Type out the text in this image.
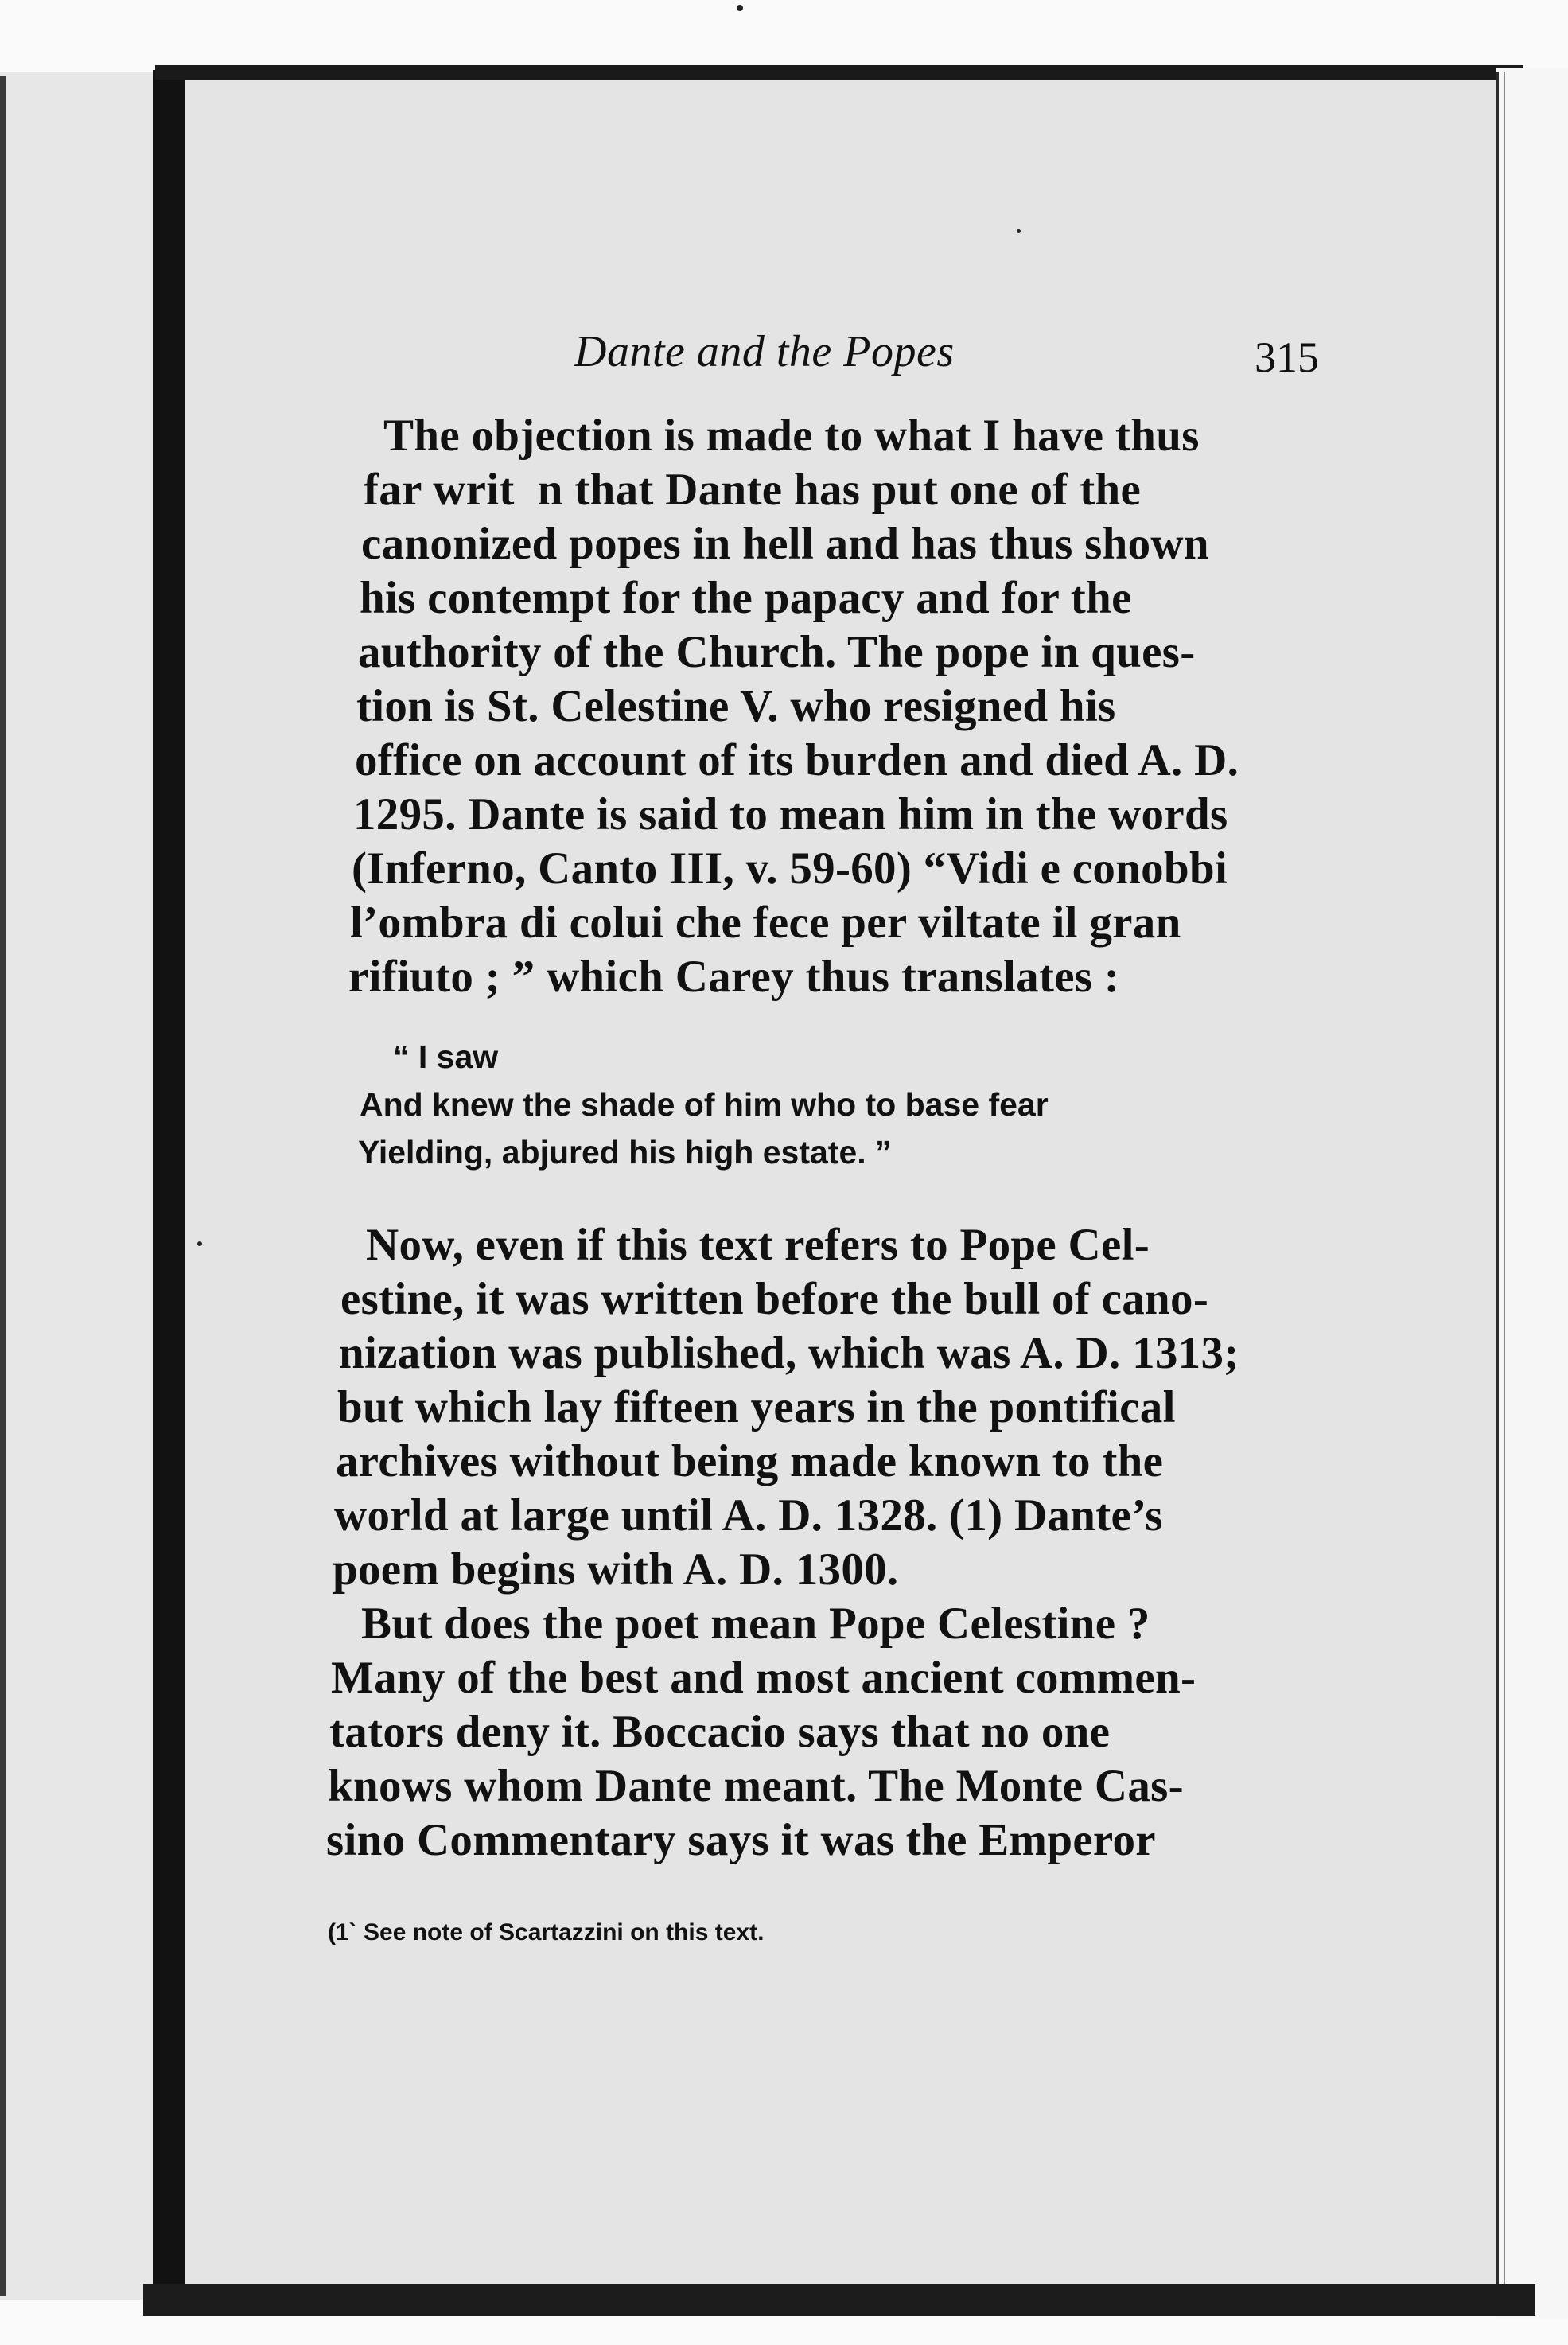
Dante and the Popes	315
The objection is made to what I have thus
far writ  n that Dante has put one of the
canonized popes in hell and has thus shown
his contempt for the papacy and for the
authority of the Church. The pope in ques-
tion is St. Celestine V. who resigned his
office on account of its burden and died A. D.
1295. Dante is said to mean him in the words
(Inferno, Canto III, v. 59-60) “Vidi e conobbi
l’ombra di colui che fece per viltate il gran
rifiuto ; ” which Carey thus translates :
“ I saw
And knew the shade of him who to base fear
Yielding, abjured his high estate. ”
Now, even if this text refers to Pope Cel-
estine, it was written before the bull of cano-
nization was published, which was A. D. 1313;
but which lay fifteen years in the pontifical
archives without being made known to the
world at large until A. D. 1328. (1) Dante’s
poem begins with A. D. 1300.
But does the poet mean Pope Celestine ?
Many of the best and most ancient commen-
tators deny it. Boccacio says that no one
knows whom Dante meant. The Monte Cas-
sino Commentary says it was the Emperor
(1` See note of Scartazzini on this text.
